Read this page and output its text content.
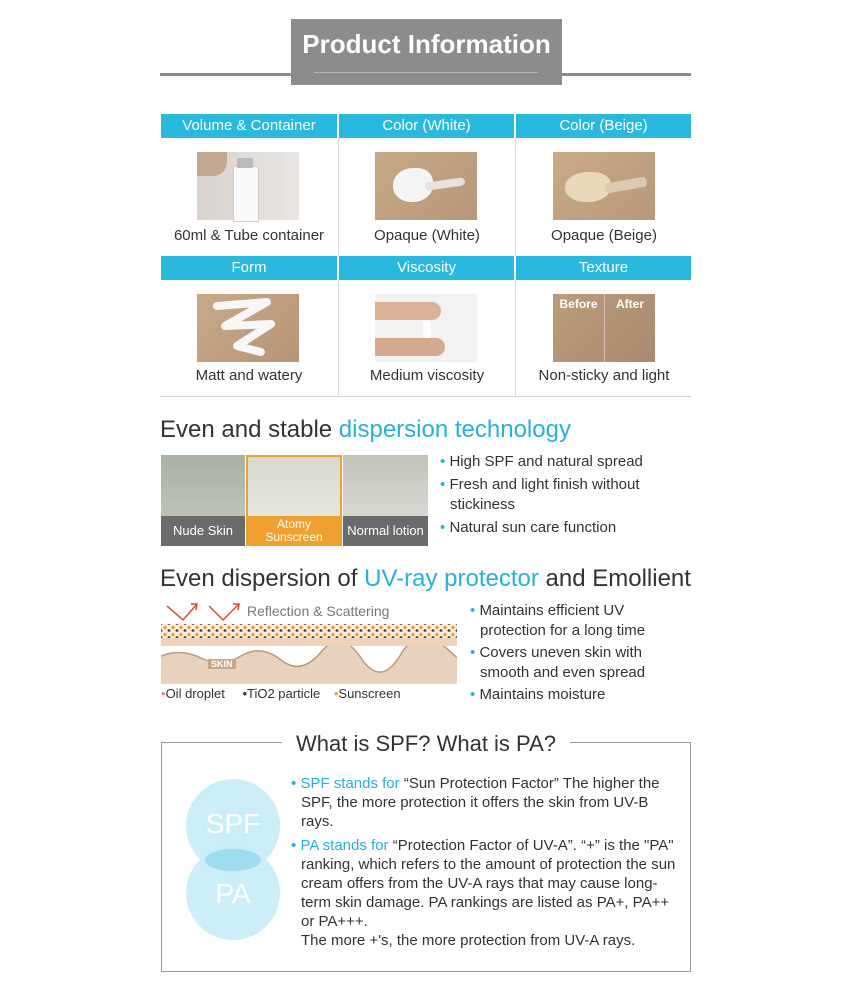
Product Information
Volume & Container	Color (White)	Color (Beige)
60ml & Tube container	Opaque (White)	Opaque (Beige)
Form	Viscosity	Texture
Before	After
Matt and watery	Medium viscosity	Non-sticky and light
Even and stable dispersion technology
Nude Skin	Atomy
Sunscreen	Normal lotion
• High SPF and natural spread
• Fresh and light finish without stickiness
• Natural sun care function
Even dispersion of UV-ray protector and Emollient
Reflection & Scattering
SKIN
•Oil droplet •TiO2 particle •Sunscreen
• Maintains efficient UV protection for a long time
• Covers uneven skin with smooth and even spread
• Maintains moisture
What is SPF? What is PA?
SPF
PA
• SPF stands for “Sun Protection Factor” The higher the SPF, the more protection it offers the skin from UV-B rays.
• PA stands for “Protection Factor of UV-A”. “+” is the "PA" ranking, which refers to the amount of protection the sun cream offers from the UV-A rays that may cause long-term skin damage. PA rankings are listed as PA+, PA++ or PA+++.
The more +'s, the more protection from UV-A rays.
